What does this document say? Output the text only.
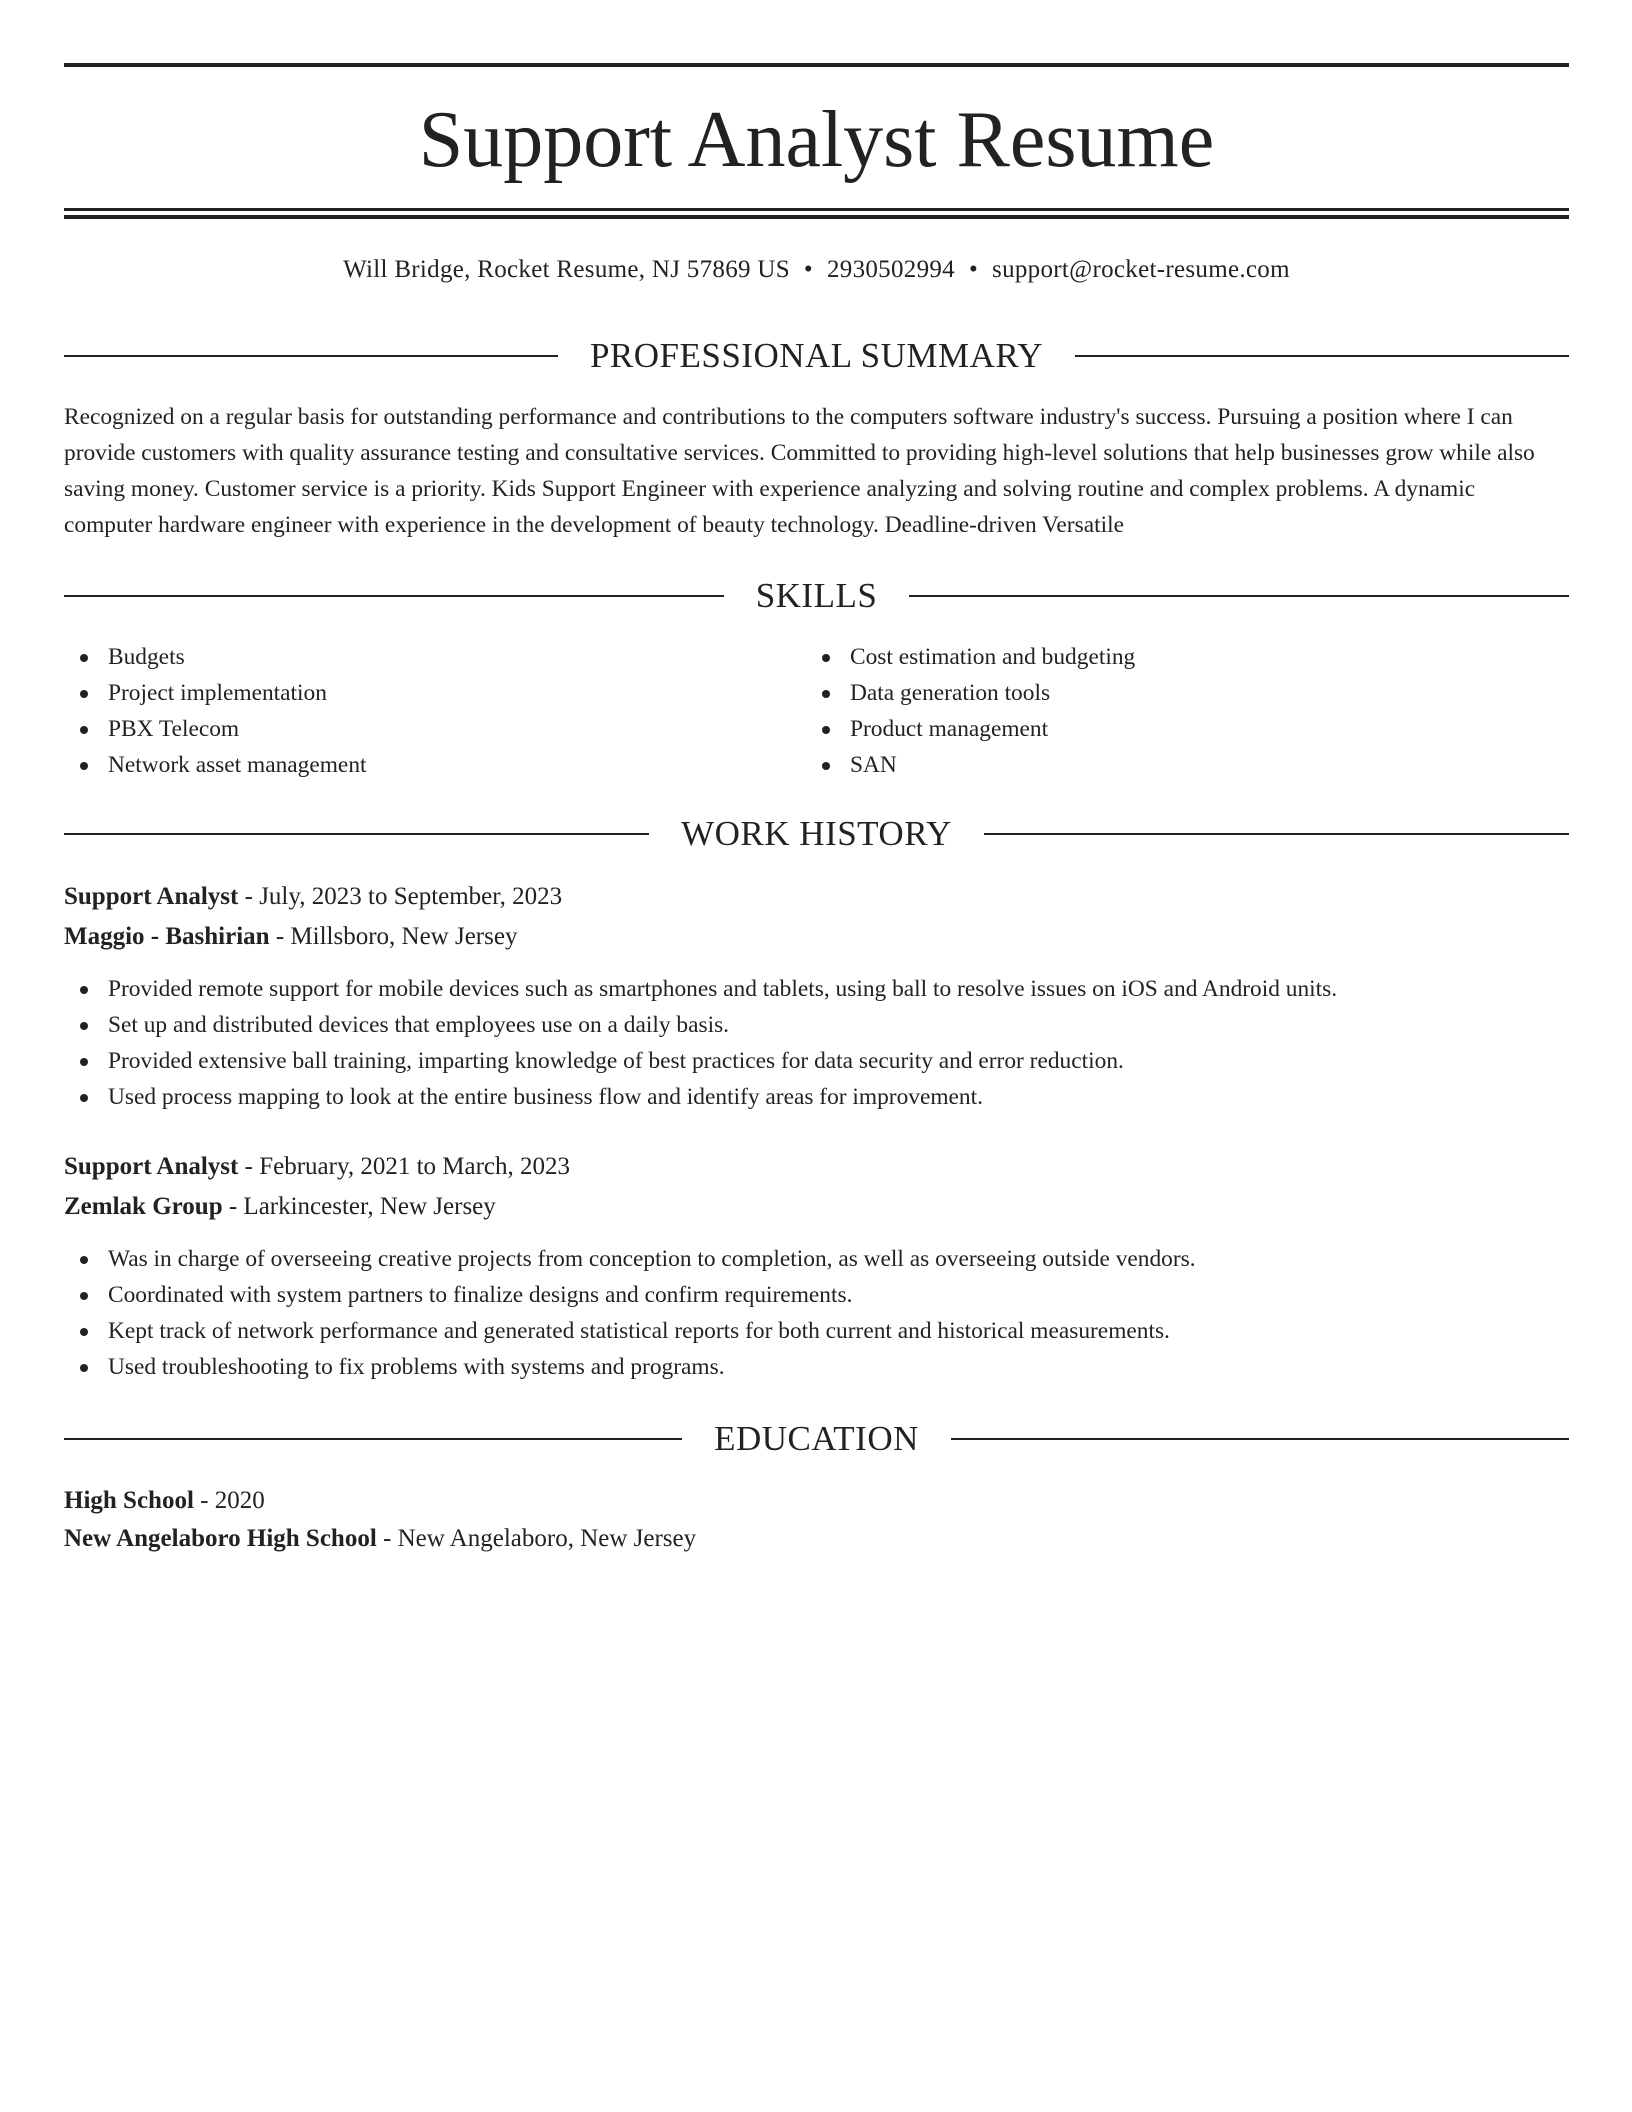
Support Analyst Resume
Will Bridge, Rocket Resume, NJ 57869 US • 2930502994 • support@rocket-resume.com
PROFESSIONAL SUMMARY

Recognized on a regular basis for outstanding performance and contributions to the computers software industry's success. Pursuing a position where I can provide customers with quality assurance testing and consultative services. Committed to providing high-level solutions that help businesses grow while also saving money. Customer service is a priority. Kids Support Engineer with experience analyzing and solving routine and complex problems. A dynamic computer hardware engineer with experience in the development of beauty technology. Deadline-driven Versatile

SKILLS
Budgets
Project implementation
PBX Telecom
Network asset management
Cost estimation and budgeting
Data generation tools
Product management
SAN
WORK HISTORY
Support Analyst - July, 2023 to September, 2023
Maggio - Bashirian - Millsboro, New Jersey
Provided remote support for mobile devices such as smartphones and tablets, using ball to resolve issues on iOS and Android units.
Set up and distributed devices that employees use on a daily basis.
Provided extensive ball training, imparting knowledge of best practices for data security and error reduction.
Used process mapping to look at the entire business flow and identify areas for improvement.
Support Analyst - February, 2021 to March, 2023
Zemlak Group - Larkincester, New Jersey
Was in charge of overseeing creative projects from conception to completion, as well as overseeing outside vendors.
Coordinated with system partners to finalize designs and confirm requirements.
Kept track of network performance and generated statistical reports for both current and historical measurements.
Used troubleshooting to fix problems with systems and programs.
EDUCATION
High School - 2020
New Angelaboro High School - New Angelaboro, New Jersey
